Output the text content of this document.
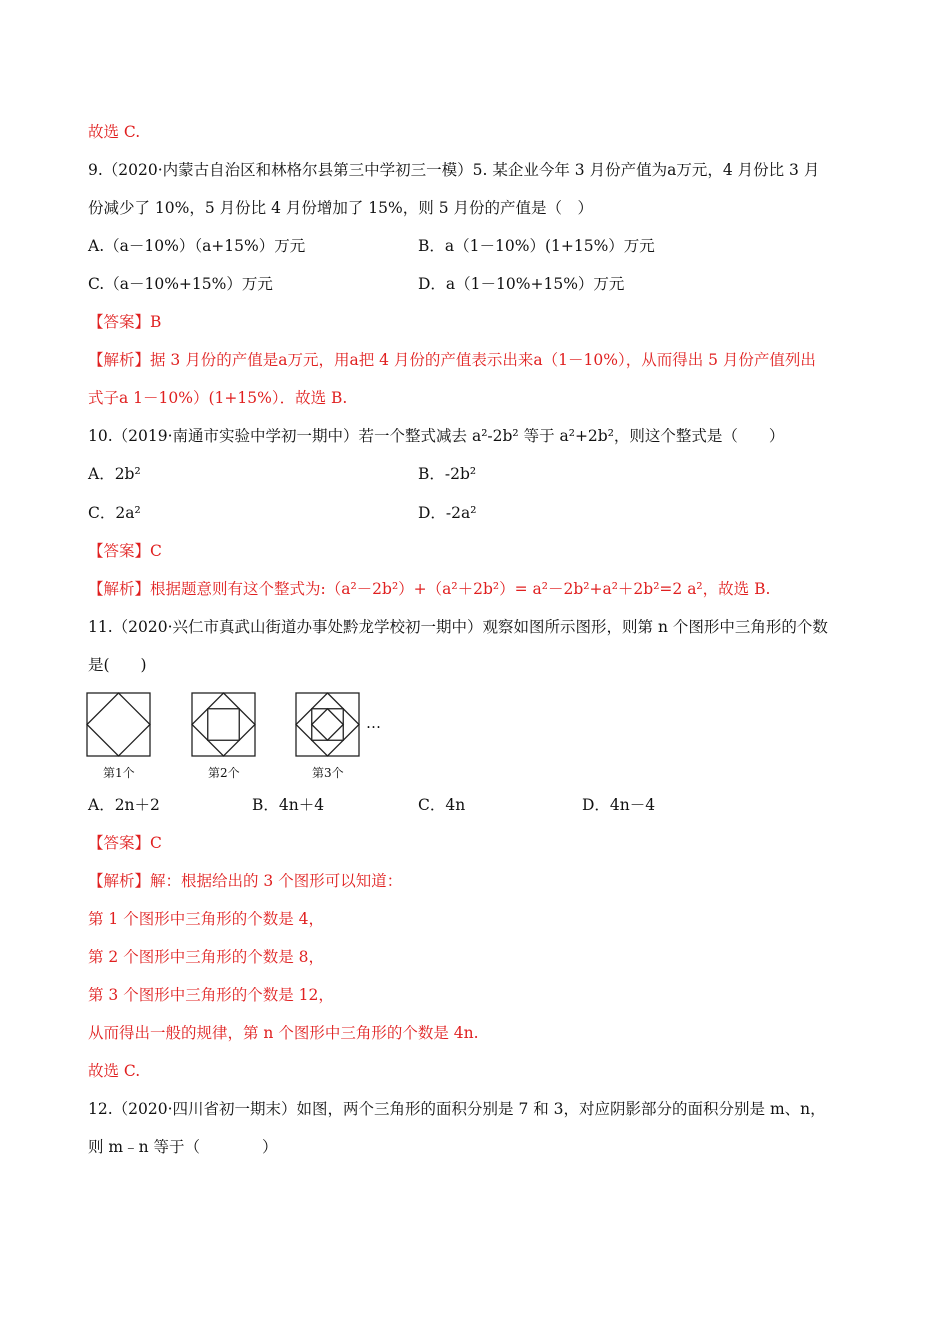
故选 C.
9.（2020·内蒙古自治区和林格尔县第三中学初三一模）5. 某企业今年 3 月份产值为a万元，4 月份比 3 月
份减少了 10%，5 月份比 4 月份增加了 15%，则 5 月份的产值是（　）
A.（a－10%）（a+15%）万元	B．a（1－10%）(1+15%）万元
C.（a－10%+15%）万元	D．a（1－10%+15%）万元
【答案】B
【解析】据 3 月份的产值是a万元，用a把 4 月份的产值表示出来a（1－10%），从而得出 5 月份产值列出
式子a 1－10%）(1+15%）．故选 B.
10.（2019·南通市实验中学初一期中）若一个整式减去 a²-2b² 等于 a²+2b²，则这个整式是（　　）
A．2b²	B．-2b²
C．2a²	D．-2a²
【答案】C
【解析】根据题意则有这个整式为:（a²－2b²）+（a²＋2b²）= a²－2b²+a²＋2b²=2 a²，故选 B.
11.（2020·兴仁市真武山街道办事处黔龙学校初一期中）观察如图所示图形，则第 n 个图形中三角形的个数
是(　　)
…
第1个	第2个	第3个
A．2n＋2	B．4n＋4	C．4n	D．4n－4
【答案】C
【解析】解：根据给出的 3 个图形可以知道：
第 1 个图形中三角形的个数是 4，
第 2 个图形中三角形的个数是 8，
第 3 个图形中三角形的个数是 12，
从而得出一般的规律，第 n 个图形中三角形的个数是 4n.
故选 C.
12.（2020·四川省初一期末）如图，两个三角形的面积分别是 7 和 3，对应阴影部分的面积分别是 m、n，
则 m﹣n 等于（　　　　）
